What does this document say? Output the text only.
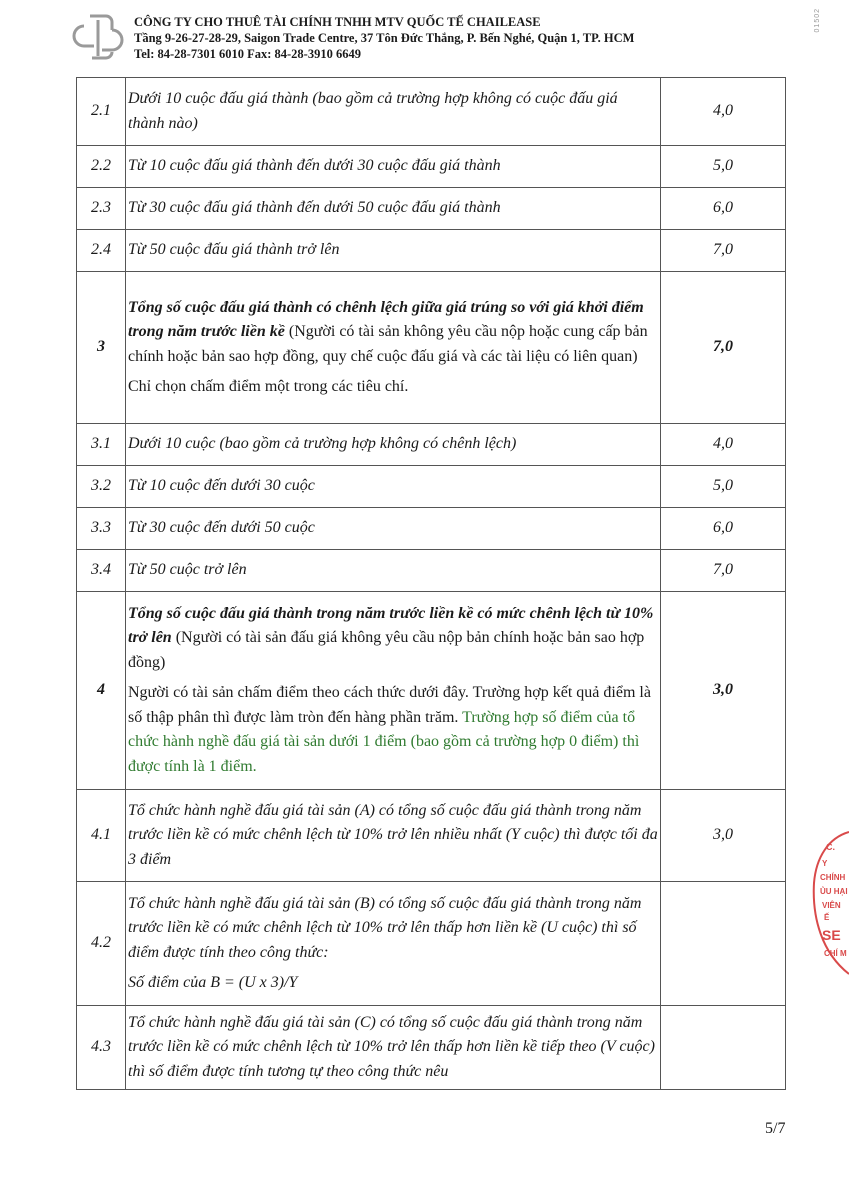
CÔNG TY CHO THUÊ TÀI CHÍNH TNHH MTV QUỐC TẾ CHAILEASE
Tầng 9-26-27-28-29, Saigon Trade Centre, 37 Tôn Đức Thắng, P. Bến Nghé, Quận 1, TP. HCM
Tel: 84-28-7301 6010 Fax: 84-28-3910 6649
01502
2.1	Dưới 10 cuộc đấu giá thành (bao gồm cả trường hợp không có cuộc đấu giá thành nào)	4,0
2.2	Từ 10 cuộc đấu giá thành đến dưới 30 cuộc đấu giá thành	5,0
2.3	Từ 30 cuộc đấu giá thành đến dưới 50 cuộc đấu giá thành	6,0
2.4	Từ 50 cuộc đấu giá thành trở lên	7,0
3	Tổng số cuộc đấu giá thành có chênh lệch giữa giá trúng so với giá khởi điểm trong năm trước liền kề (Người có tài sản không yêu cầu nộp hoặc cung cấp bản chính hoặc bản sao hợp đồng, quy chế cuộc đấu giá và các tài liệu có liên quan)

Chỉ chọn chấm điểm một trong các tiêu chí.	7,0
3.1	Dưới 10 cuộc (bao gồm cả trường hợp không có chênh lệch)	4,0
3.2	Từ 10 cuộc đến dưới 30 cuộc	5,0
3.3	Từ 30 cuộc đến dưới 50 cuộc	6,0
3.4	Từ 50 cuộc trở lên	7,0
4	Tổng số cuộc đấu giá thành trong năm trước liền kề có mức chênh lệch từ 10% trở lên (Người có tài sản đấu giá không yêu cầu nộp bản chính hoặc bản sao hợp đồng)

Người có tài sản chấm điểm theo cách thức dưới đây. Trường hợp kết quả điểm là số thập phân thì được làm tròn đến hàng phần trăm. Trường hợp số điểm của tổ chức hành nghề đấu giá tài sản dưới 1 điểm (bao gồm cả trường hợp 0 điểm) thì được tính là 1 điểm.	3,0
4.1	Tổ chức hành nghề đấu giá tài sản (A) có tổng số cuộc đấu giá thành trong năm trước liền kề có mức chênh lệch từ 10% trở lên nhiều nhất (Y cuộc) thì được tối đa 3 điểm	3,0
4.2	Tổ chức hành nghề đấu giá tài sản (B) có tổng số cuộc đấu giá thành trong năm trước liền kề có mức chênh lệch từ 10% trở lên thấp hơn liền kề (U cuộc) thì số điểm được tính theo công thức:

Số điểm của B = (U x 3)/Y	

4.3	Tổ chức hành nghề đấu giá tài sản (C) có tổng số cuộc đấu giá thành trong năm trước liền kề có mức chênh lệch từ 10% trở lên thấp hơn liền kề tiếp theo (V cuộc) thì số điểm được tính tương tự theo công thức nêu	
C.
Y
CHÍNH
ỦU HẠI
VIÊN
Ế
SE
CHÍ M
5/7
